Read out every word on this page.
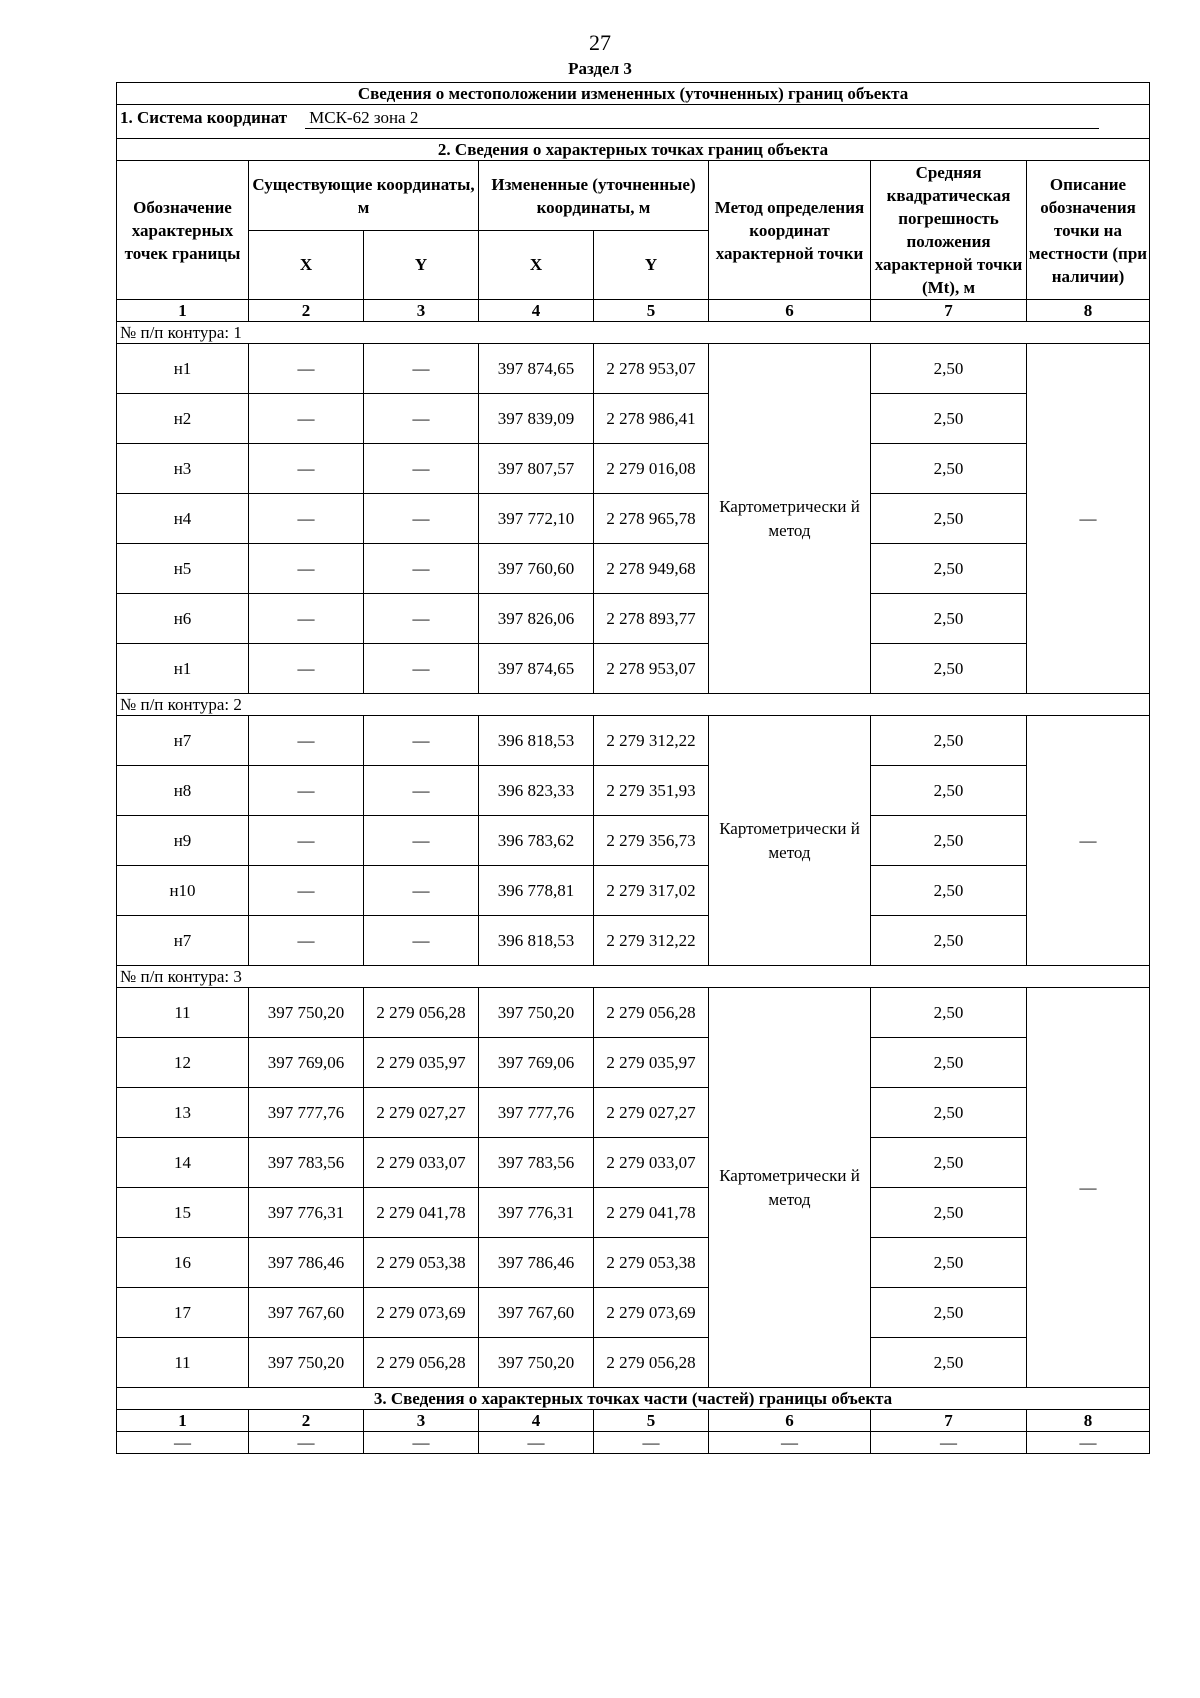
27
Раздел 3
Сведения о местоположении измененных (уточненных) границ объекта							
1. Система координат МСК-62 зона 2							
2. Сведения о характерных точках границ объекта							
Обозначение характерных точек границы	Существующие координаты, м		Измененные (уточненные) координаты, м		Метод определения координат характерной точки	Средняя квадратическая погрешность положения характерной точки (Mt), м	Описание обозначения точки на местности (при наличии)
	X	Y	X	Y			
1	2	3	4	5	6	7	8
№ п/п контура: 1							
н1	—	—	397 874,65	2 278 953,07	Картометрически й метод	2,50	—
н2	—	—	397 839,09	2 278 986,41		2,50	
н3	—	—	397 807,57	2 279 016,08		2,50	
н4	—	—	397 772,10	2 278 965,78		2,50	
н5	—	—	397 760,60	2 278 949,68		2,50	
н6	—	—	397 826,06	2 278 893,77		2,50	
н1	—	—	397 874,65	2 278 953,07		2,50	
№ п/п контура: 2							
н7	—	—	396 818,53	2 279 312,22	Картометрически й метод	2,50	—
н8	—	—	396 823,33	2 279 351,93		2,50	
н9	—	—	396 783,62	2 279 356,73		2,50	
н10	—	—	396 778,81	2 279 317,02		2,50	
н7	—	—	396 818,53	2 279 312,22		2,50	
№ п/п контура: 3							
11	397 750,20	2 279 056,28	397 750,20	2 279 056,28	Картометрически й метод	2,50	—
12	397 769,06	2 279 035,97	397 769,06	2 279 035,97		2,50	
13	397 777,76	2 279 027,27	397 777,76	2 279 027,27		2,50	
14	397 783,56	2 279 033,07	397 783,56	2 279 033,07		2,50	
15	397 776,31	2 279 041,78	397 776,31	2 279 041,78		2,50	
16	397 786,46	2 279 053,38	397 786,46	2 279 053,38		2,50	
17	397 767,60	2 279 073,69	397 767,60	2 279 073,69		2,50	
11	397 750,20	2 279 056,28	397 750,20	2 279 056,28		2,50	
3. Сведения о характерных точках части (частей) границы объекта							
1	2	3	4	5	6	7	8
—	—	—	—	—	—	—	—
